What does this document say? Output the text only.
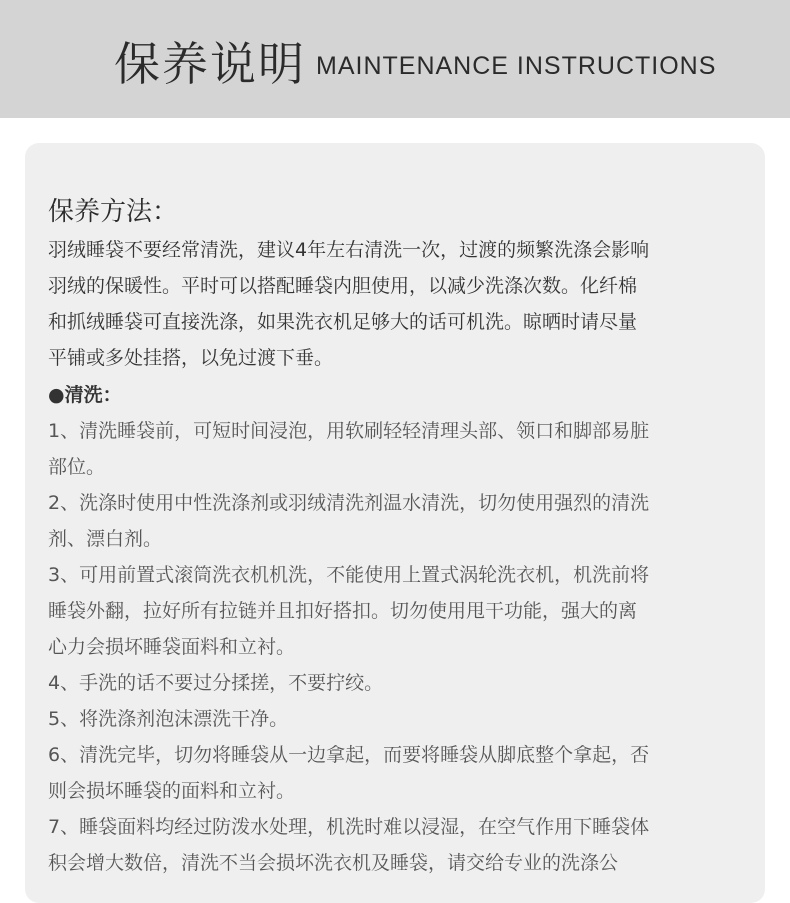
保养说明 MAINTENANCE INSTRUCTIONS
保养方法：
羽绒睡袋不要经常清洗，建议4年左右清洗一次，过渡的频繁洗涤会影响
羽绒的保暖性。平时可以搭配睡袋内胆使用，以减少洗涤次数。化纤棉
和抓绒睡袋可直接洗涤，如果洗衣机足够大的话可机洗。晾晒时请尽量
平铺或多处挂搭，以免过渡下垂。
●清洗：
1、清洗睡袋前，可短时间浸泡，用软刷轻轻清理头部、领口和脚部易脏
部位。
2、洗涤时使用中性洗涤剂或羽绒清洗剂温水清洗，切勿使用强烈的清洗
剂、漂白剂。
3、可用前置式滚筒洗衣机机洗，不能使用上置式涡轮洗衣机，机洗前将
睡袋外翻，拉好所有拉链并且扣好搭扣。切勿使用甩干功能，强大的离
心力会损坏睡袋面料和立衬。
4、手洗的话不要过分揉搓，不要拧绞。
5、将洗涤剂泡沫漂洗干净。
6、清洗完毕，切勿将睡袋从一边拿起，而要将睡袋从脚底整个拿起，否
则会损坏睡袋的面料和立衬。
7、睡袋面料均经过防泼水处理，机洗时难以浸湿，在空气作用下睡袋体
积会增大数倍，清洗不当会损坏洗衣机及睡袋，请交给专业的洗涤公
